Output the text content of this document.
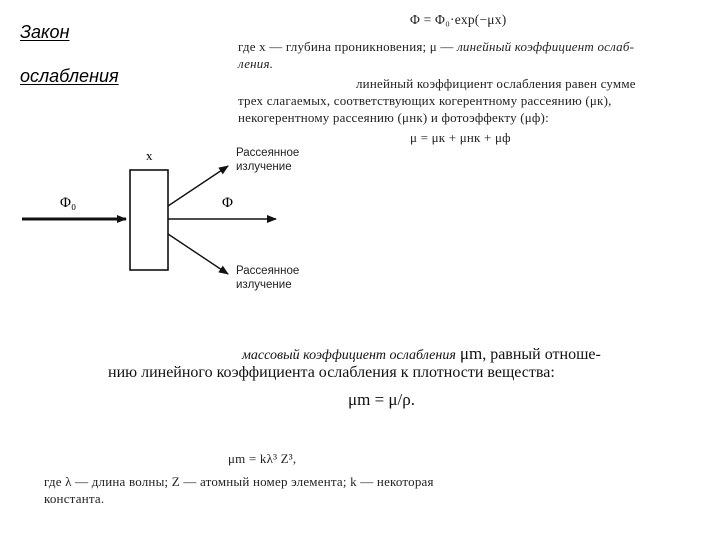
Закон
ослабления
Φ = Φ₀·exp(−μx)
где x — глубина проникновения; μ — линейный коэффициент ослаб-
ления.
линейный коэффициент ослабления равен сумме
трех слагаемых, соответствующих когерентному рассеянию (μк),
некогерентному рассеянию (μнк) и фотоэффекту (μф):
μ = μк + μнк + μф
x
Φ₀	Φ
Рассеянное
излучение
Рассеянное
излучение
массовый коэффициент ослабления μm, равный отноше-
нию линейного коэффициента ослабления к плотности вещества:
μm = μ/ρ.
μm = kλ³ Z³,
где λ — длина волны; Z — атомный номер элемента; k — некоторая
константа.
